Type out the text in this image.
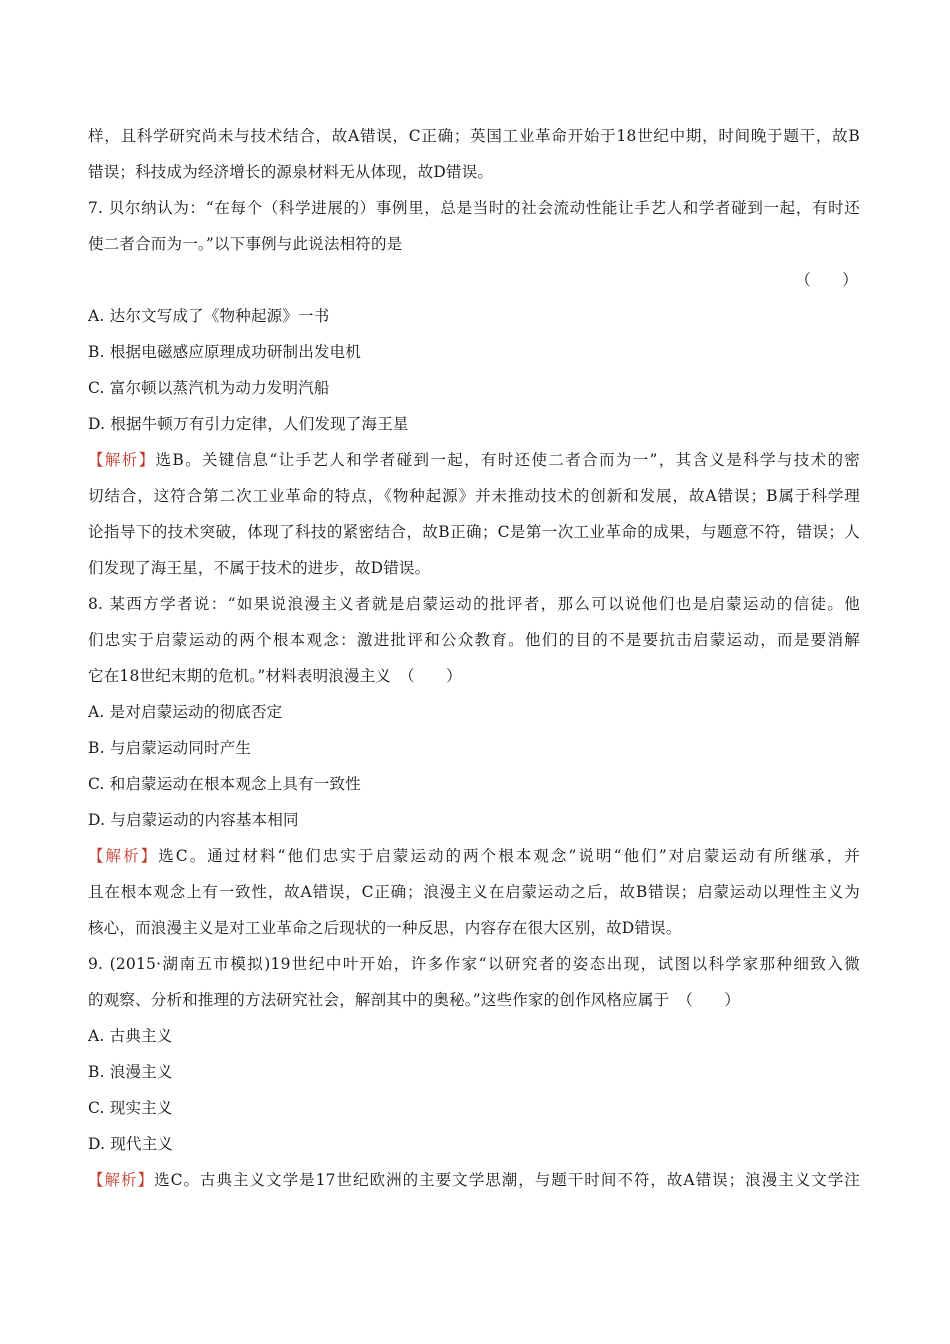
样，且科学研究尚未与技术结合，故A错误，C正确；英国工业革命开始于18世纪中期，时间晚于题干，故B
错误；科技成为经济增长的源泉材料无从体现，故D错误。
7. 贝尔纳认为：“在每个（科学进展的）事例里，总是当时的社会流动性能让手艺人和学者碰到一起，有时还
使二者合而为一。”以下事例与此说法相符的是
（　　）
A. 达尔文写成了《物种起源》一书
B. 根据电磁感应原理成功研制出发电机
C. 富尔顿以蒸汽机为动力发明汽船
D. 根据牛顿万有引力定律，人们发现了海王星
【解析】选B。关键信息“让手艺人和学者碰到一起，有时还使二者合而为一”，其含义是科学与技术的密
切结合，这符合第二次工业革命的特点，《物种起源》并未推动技术的创新和发展，故A错误；B属于科学理
论指导下的技术突破，体现了科技的紧密结合，故B正确；C是第一次工业革命的成果，与题意不符，错误；人
们发现了海王星，不属于技术的进步，故D错误。
8. 某西方学者说：“如果说浪漫主义者就是启蒙运动的批评者，那么可以说他们也是启蒙运动的信徒。他
们忠实于启蒙运动的两个根本观念：激进批评和公众教育。他们的目的不是要抗击启蒙运动，而是要消解
它在18世纪末期的危机。”材料表明浪漫主义　（　　）
A. 是对启蒙运动的彻底否定
B. 与启蒙运动同时产生
C. 和启蒙运动在根本观念上具有一致性
D. 与启蒙运动的内容基本相同
【解析】选C。通过材料“他们忠实于启蒙运动的两个根本观念”说明“他们”对启蒙运动有所继承，并
且在根本观念上有一致性，故A错误，C正确；浪漫主义在启蒙运动之后，故B错误；启蒙运动以理性主义为
核心，而浪漫主义是对工业革命之后现状的一种反思，内容存在很大区别，故D错误。
9. (2015·湖南五市模拟)19世纪中叶开始，许多作家“以研究者的姿态出现，试图以科学家那种细致入微
的观察、分析和推理的方法研究社会，解剖其中的奥秘。”这些作家的创作风格应属于　（　　）
A. 古典主义
B. 浪漫主义
C. 现实主义
D. 现代主义
【解析】选C。古典主义文学是17世纪欧洲的主要文学思潮，与题干时间不符，故A错误；浪漫主义文学注
